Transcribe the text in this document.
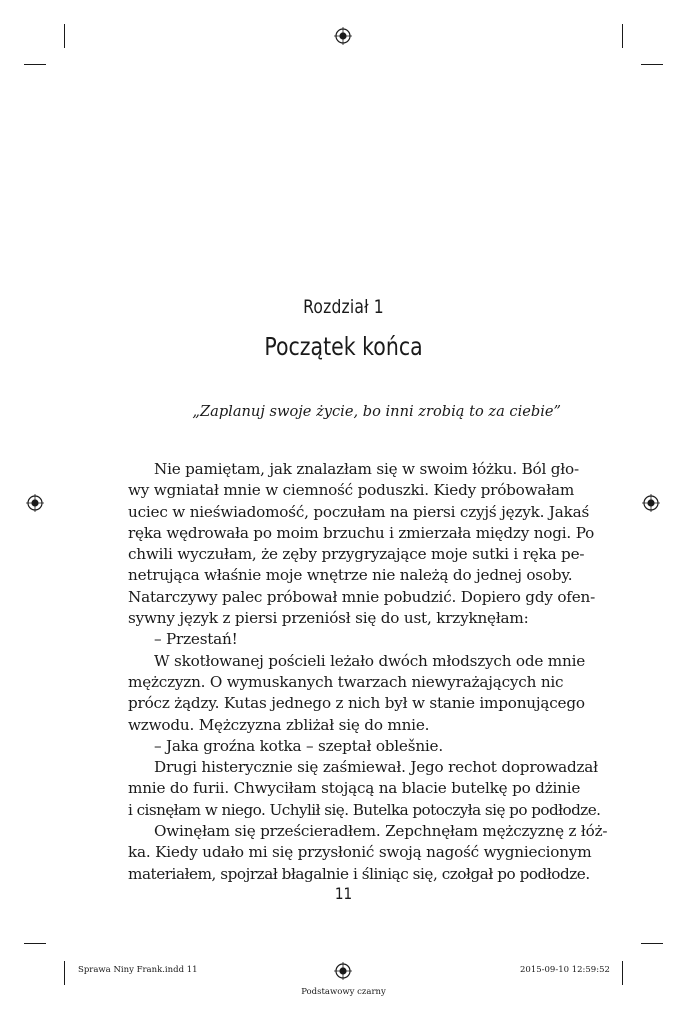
Rozdział 1
Początek końca
„Zaplanuj swoje życie, bo inni zrobią to za ciebie”
Nie pamiętam, jak znalazłam się w swoim łóżku. Ból gło-
wy wgniatał mnie w ciemność poduszki. Kiedy próbowałam
uciec w nieświadomość, poczułam na piersi czyjś język. Jakaś
ręka wędrowała po moim brzuchu i zmierzała między nogi. Po
chwili wyczułam, że zęby przygryzające moje sutki i ręka pe-
netrująca właśnie moje wnętrze nie należą do jednej osoby.
Natarczywy palec próbował mnie pobudzić. Dopiero gdy ofen-
sywny język z piersi przeniósł się do ust, krzyknęłam:
– Przestań!
W skotłowanej pościeli leżało dwóch młodszych ode mnie
mężczyzn. O wymuskanych twarzach niewyrażających nic
prócz żądzy. Kutas jednego z nich był w stanie imponującego
wzwodu. Mężczyzna zbliżał się do mnie.
– Jaka groźna kotka – szeptał oblešnie.
Drugi histerycznie się zaśmiewał. Jego rechot doprowadzał
mnie do furii. Chwyciłam stojącą na blacie butelkę po dżinie
i cisnęłam w niego. Uchylił się. Butelka potoczyła się po podłodze.
Owinęłam się prześcieradłem. Zepchnęłam mężczyznę z łóż-
ka. Kiedy udało mi się przysłonić swoją nagość wygniecionym
materiałem, spojrzał błagalnie i śliniąc się, czołgał po podłodze.
11
Sprawa Niny Frank.indd 11	2015-09-10 12:59:52
Podstawowy czarny
